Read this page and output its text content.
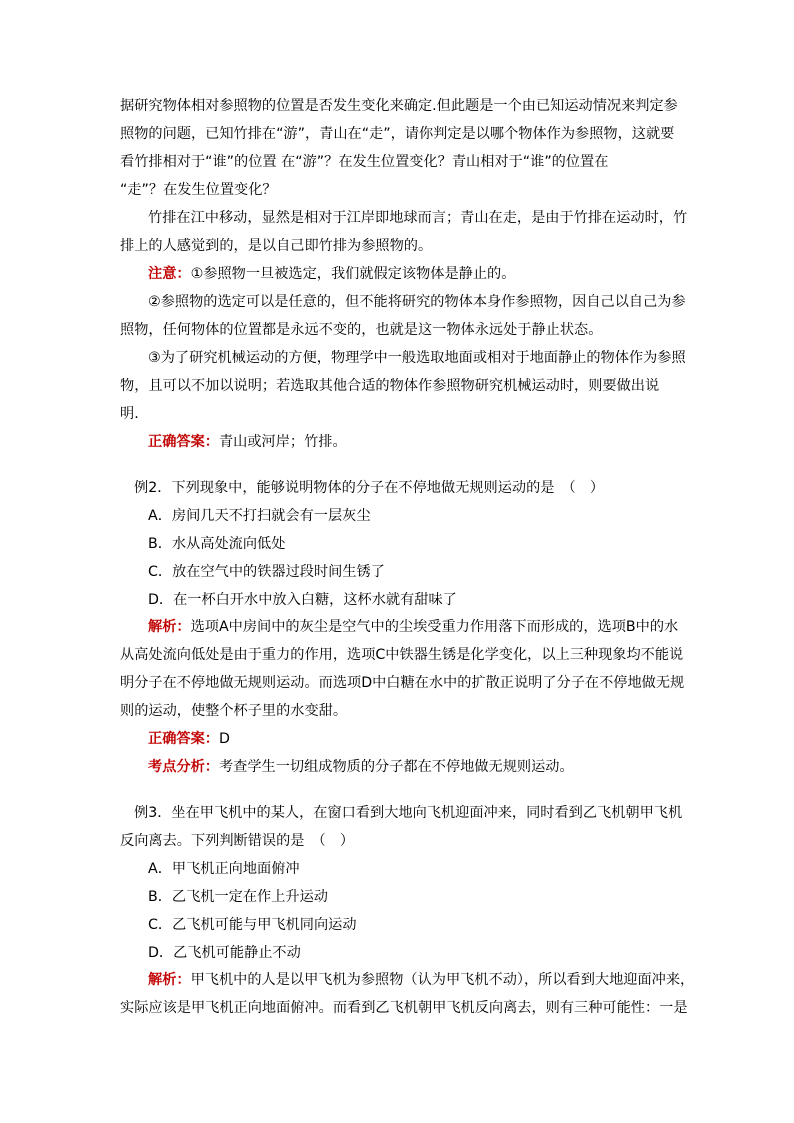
据研究物体相对参照物的位置是否发生变化来确定.但此题是一个由已知运动情况来判定参
照物的问题，已知竹排在“游”，青山在“走”，请你判定是以哪个物体作为参照物，这就要
看竹排相对于“谁”的位置 在“游”？在发生位置变化？青山相对于“谁”的位置在
“走”？在发生位置变化？
竹排在江中移动，显然是相对于江岸即地球而言；青山在走，是由于竹排在运动时，竹
排上的人感觉到的，是以自己即竹排为参照物的。
注意：①参照物一旦被选定，我们就假定该物体是静止的。
②参照物的选定可以是任意的，但不能将研究的物体本身作参照物，因自己以自己为参
照物，任何物体的位置都是永远不变的，也就是这一物体永远处于静止状态。
③为了研究机械运动的方便，物理学中一般选取地面或相对于地面静止的物体作为参照
物，且可以不加以说明；若选取其他合适的物体作参照物研究机械运动时，则要做出说
明.
正确答案：青山或河岸；竹排。
例2．下列现象中，能够说明物体的分子在不停地做无规则运动的是　（　）
A．房间几天不打扫就会有一层灰尘
B．水从高处流向低处
C．放在空气中的铁器过段时间生锈了
D．在一杯白开水中放入白糖，这杯水就有甜味了
解析：选项A中房间中的灰尘是空气中的尘埃受重力作用落下而形成的，选项B中的水
从高处流向低处是由于重力的作用，选项C中铁器生锈是化学变化，以上三种现象均不能说
明分子在不停地做无规则运动。而选项D中白糖在水中的扩散正说明了分子在不停地做无规
则的运动，使整个杯子里的水变甜。
正确答案：D
考点分析：考查学生一切组成物质的分子都在不停地做无规则运动。
例3．坐在甲飞机中的某人，在窗口看到大地向飞机迎面冲来，同时看到乙飞机朝甲飞机
反向离去。下列判断错误的是　（　）
A．甲飞机正向地面俯冲
B．乙飞机一定在作上升运动
C．乙飞机可能与甲飞机同向运动
D．乙飞机可能静止不动
解析：甲飞机中的人是以甲飞机为参照物（认为甲飞机不动），所以看到大地迎面冲来，
实际应该是甲飞机正向地面俯冲。而看到乙飞机朝甲飞机反向离去，则有三种可能性：一是
